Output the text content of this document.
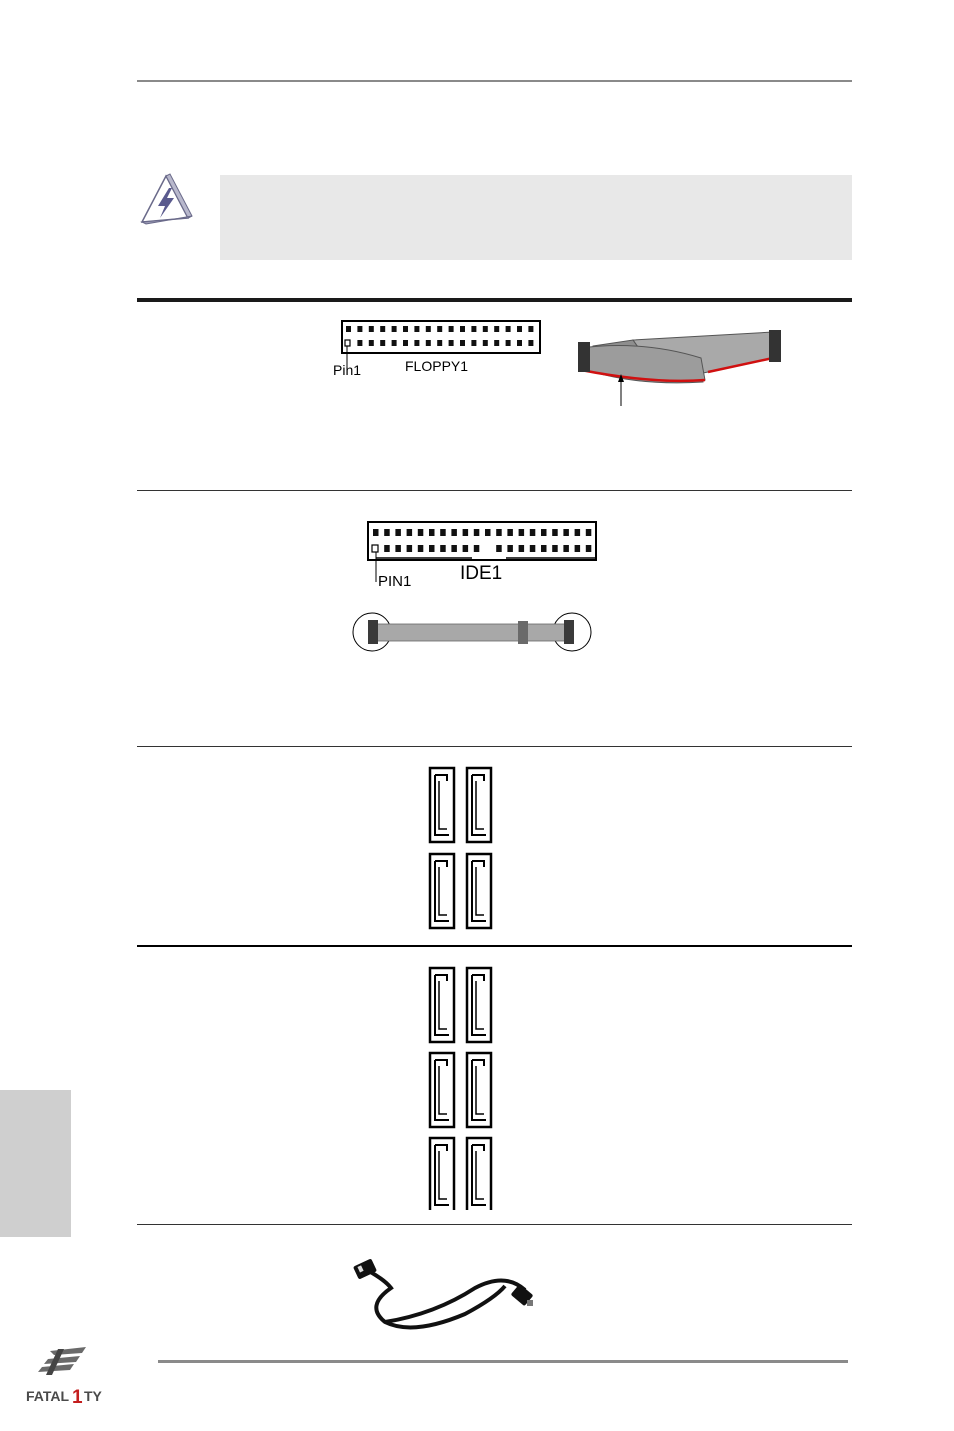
Pin1	FLOPPY1
PIN1	IDE1
FATAL 1 TY
